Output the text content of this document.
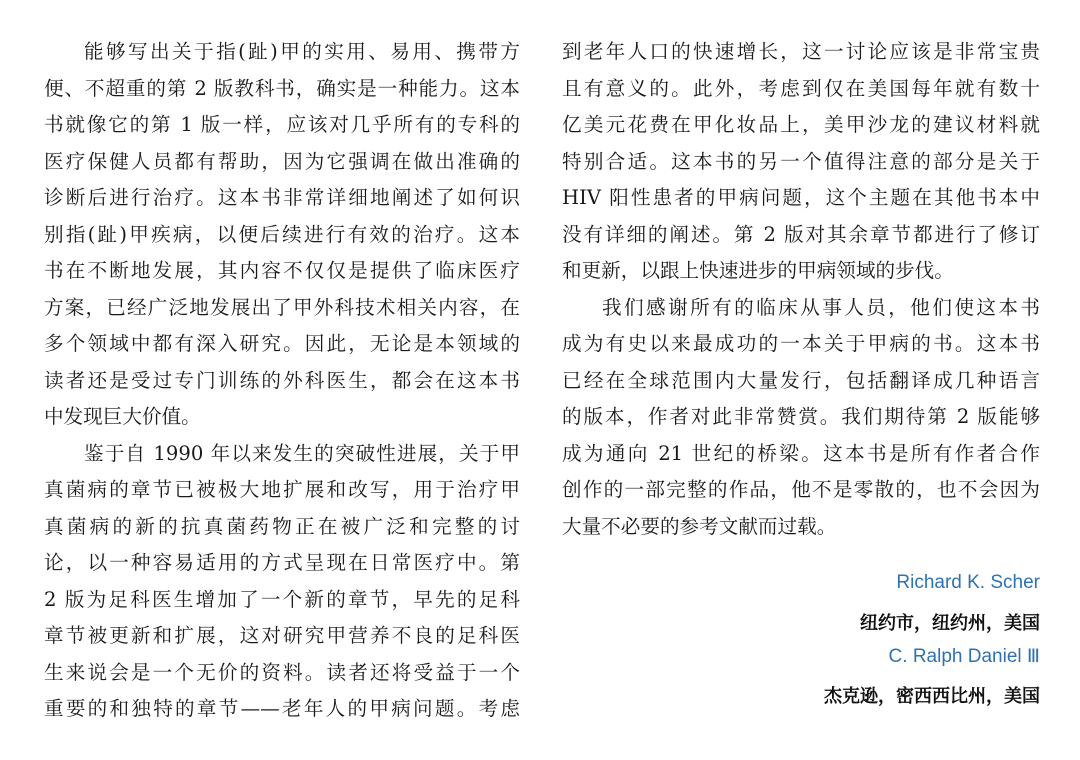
能够写出关于指(趾)甲的实用、易用、携带方
便、不超重的第 2 版教科书，确实是一种能力。这本
书就像它的第 1 版一样，应该对几乎所有的专科的
医疗保健人员都有帮助，因为它强调在做出准确的
诊断后进行治疗。这本书非常详细地阐述了如何识
别指(趾)甲疾病，以便后续进行有效的治疗。这本
书在不断地发展，其内容不仅仅是提供了临床医疗
方案，已经广泛地发展出了甲外科技术相关内容，在
多个领域中都有深入研究。因此，无论是本领域的
读者还是受过专门训练的外科医生，都会在这本书
中发现巨大价值。
鉴于自 1990 年以来发生的突破性进展，关于甲
真菌病的章节已被极大地扩展和改写，用于治疗甲
真菌病的新的抗真菌药物正在被广泛和完整的讨
论，以一种容易适用的方式呈现在日常医疗中。第
2 版为足科医生增加了一个新的章节，早先的足科
章节被更新和扩展，这对研究甲营养不良的足科医
生来说会是一个无价的资料。读者还将受益于一个
重要的和独特的章节——老年人的甲病问题。考虑
到老年人口的快速增长，这一讨论应该是非常宝贵
且有意义的。此外，考虑到仅在美国每年就有数十
亿美元花费在甲化妆品上，美甲沙龙的建议材料就
特别合适。这本书的另一个值得注意的部分是关于
HIV 阳性患者的甲病问题，这个主题在其他书本中
没有详细的阐述。第 2 版对其余章节都进行了修订
和更新，以跟上快速进步的甲病领域的步伐。
我们感谢所有的临床从事人员，他们使这本书
成为有史以来最成功的一本关于甲病的书。这本书
已经在全球范围内大量发行，包括翻译成几种语言
的版本，作者对此非常赞赏。我们期待第 2 版能够
成为通向 21 世纪的桥梁。这本书是所有作者合作
创作的一部完整的作品，他不是零散的，也不会因为
大量不必要的参考文献而过载。
Richard K. Scher
纽约市，纽约州，美国
C. Ralph Daniel Ⅲ
杰克逊，密西西比州，美国
